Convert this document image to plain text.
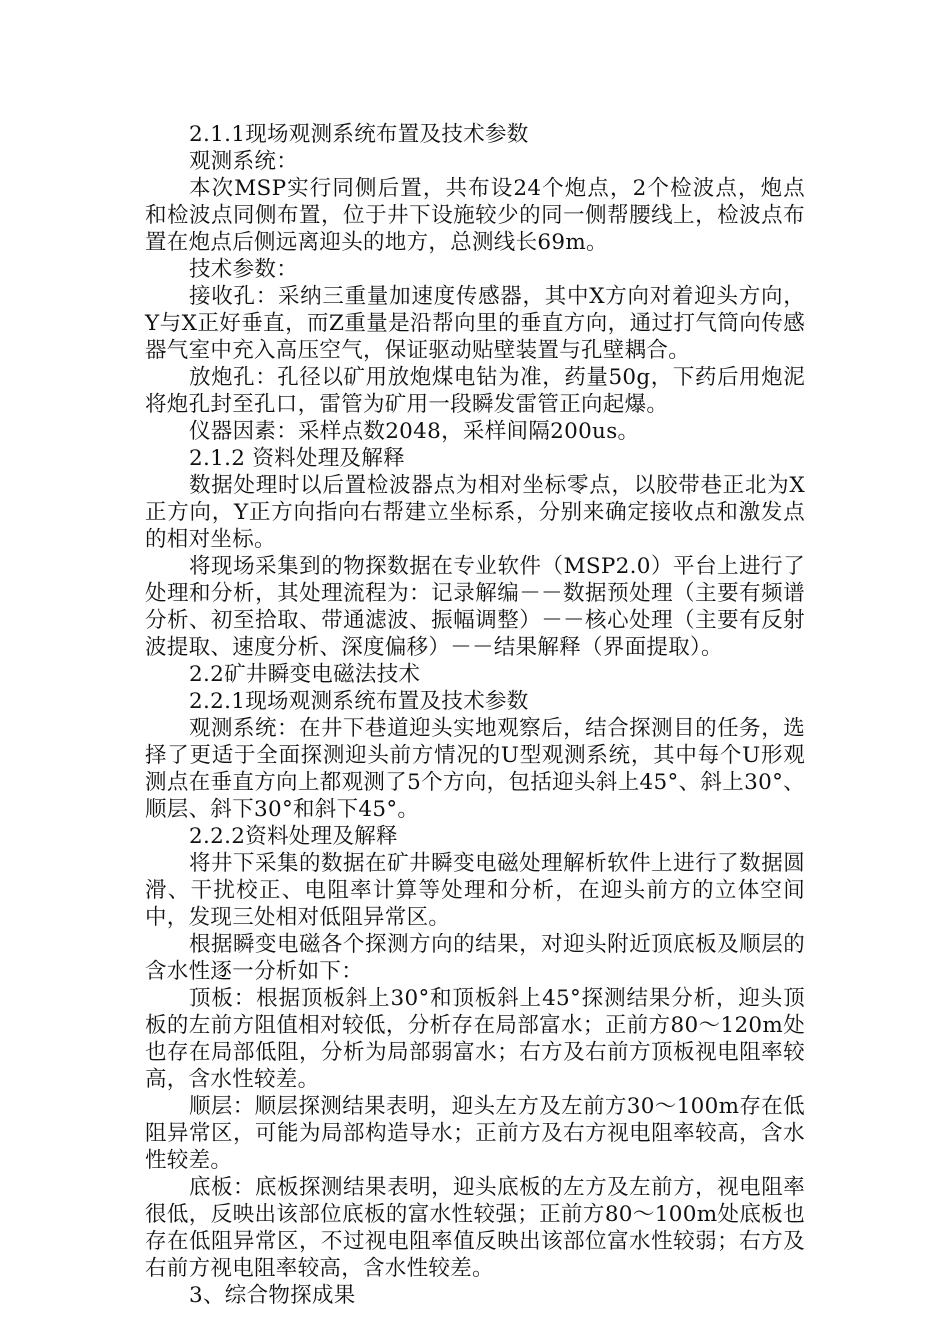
2.1.1现场观测系统布置及技术参数

观测系统：

本次MSP实行同侧后置，共布设24个炮点，2个检波点，炮点和检波点同侧布置，位于井下设施较少的同一侧帮腰线上，检波点布置在炮点后侧远离迎头的地方，总测线长69m。

技术参数：

接收孔：采纳三重量加速度传感器，其中X方向对着迎头方向，Y与X正好垂直，而Z重量是沿帮向里的垂直方向，通过打气筒向传感器气室中充入高压空气，保证驱动贴壁装置与孔壁耦合。

放炮孔：孔径以矿用放炮煤电钻为准，药量50g，下药后用炮泥将炮孔封至孔口，雷管为矿用一段瞬发雷管正向起爆。

仪器因素：采样点数2048，采样间隔200us。

2.1.2 资料处理及解释

数据处理时以后置检波器点为相对坐标零点，以胶带巷正北为X正方向，Y正方向指向右帮建立坐标系，分别来确定接收点和激发点的相对坐标。

将现场采集到的物探数据在专业软件（MSP2.0）平台上进行了处理和分析，其处理流程为：记录解编－－数据预处理（主要有频谱分析、初至拾取、带通滤波、振幅调整）－－核心处理（主要有反射波提取、速度分析、深度偏移）－－结果解释（界面提取）。

2.2矿井瞬变电磁法技术

2.2.1现场观测系统布置及技术参数

观测系统：在井下巷道迎头实地观察后，结合探测目的任务，选择了更适于全面探测迎头前方情况的U型观测系统，其中每个U形观测点在垂直方向上都观测了5个方向，包括迎头斜上45°、斜上30°、顺层、斜下30°和斜下45°。

2.2.2资料处理及解释

将井下采集的数据在矿井瞬变电磁处理解析软件上进行了数据圆滑、干扰校正、电阻率计算等处理和分析，在迎头前方的立体空间中，发现三处相对低阻异常区。

根据瞬变电磁各个探测方向的结果，对迎头附近顶底板及顺层的含水性逐一分析如下：

顶板：根据顶板斜上30°和顶板斜上45°探测结果分析，迎头顶板的左前方阻值相对较低，分析存在局部富水；正前方80～120m处也存在局部低阻，分析为局部弱富水；右方及右前方顶板视电阻率较高，含水性较差。

顺层：顺层探测结果表明，迎头左方及左前方30～100m存在低阻异常区，可能为局部构造导水；正前方及右方视电阻率较高，含水性较差。

底板：底板探测结果表明，迎头底板的左方及左前方，视电阻率很低，反映出该部位底板的富水性较强；正前方80～100m处底板也存在低阻异常区，不过视电阻率值反映出该部位富水性较弱；右方及右前方视电阻率较高，含水性较差。

3、综合物探成果
